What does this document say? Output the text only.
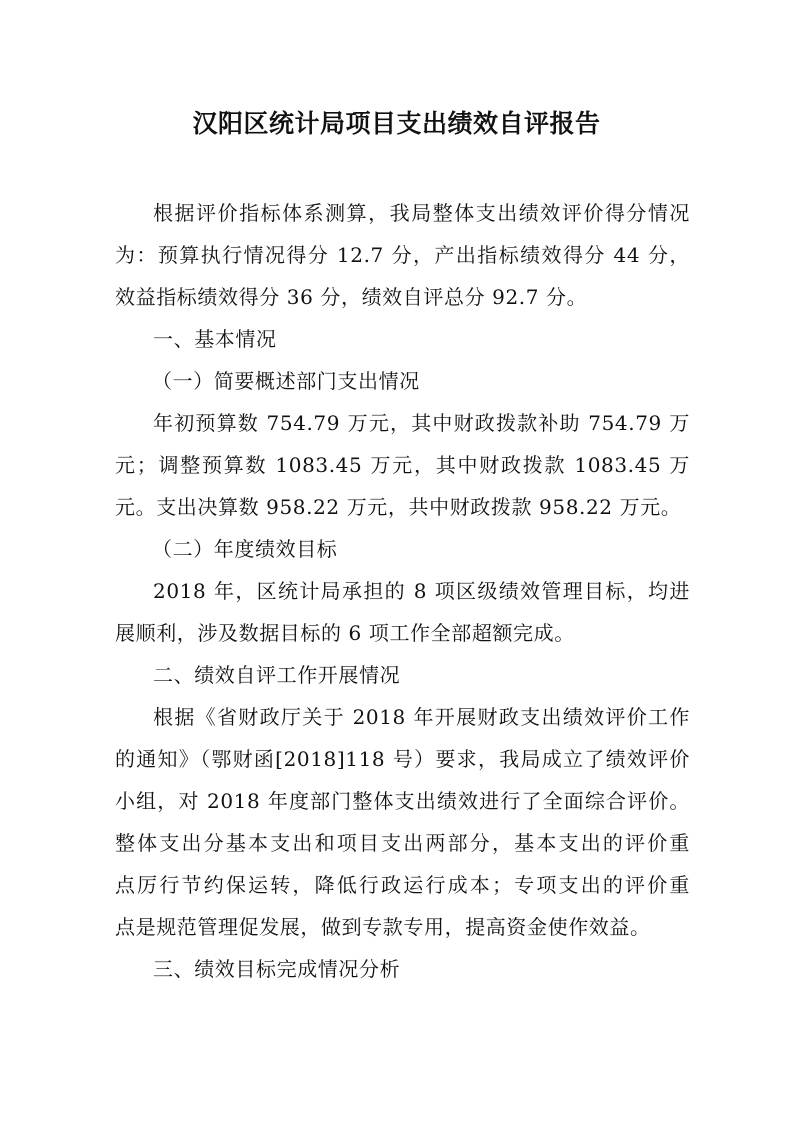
汉阳区统计局项目支出绩效自评报告
根据评价指标体系测算，我局整体支出绩效评价得分情况
为：预算执行情况得分 12.7 分，产出指标绩效得分 44 分，
效益指标绩效得分 36 分，绩效自评总分 92.7 分。
一、基本情况
（一）简要概述部门支出情况
年初预算数 754.79 万元，其中财政拨款补助 754.79 万
元；调整预算数 1083.45 万元，其中财政拨款 1083.45 万
元。支出决算数 958.22 万元，共中财政拨款 958.22 万元。
（二）年度绩效目标
2018 年，区统计局承担的 8 项区级绩效管理目标，均进
展顺利，涉及数据目标的 6 项工作全部超额完成。
二、绩效自评工作开展情况
根据《省财政厅关于 2018 年开展财政支出绩效评价工作
的通知》（鄂财函[2018]118 号）要求，我局成立了绩效评价
小组，对 2018 年度部门整体支出绩效进行了全面综合评价。
整体支出分基本支出和项目支出两部分，基本支出的评价重
点厉行节约保运转，降低行政运行成本；专项支出的评价重
点是规范管理促发展，做到专款专用，提高资金使作效益。
三、绩效目标完成情况分析
